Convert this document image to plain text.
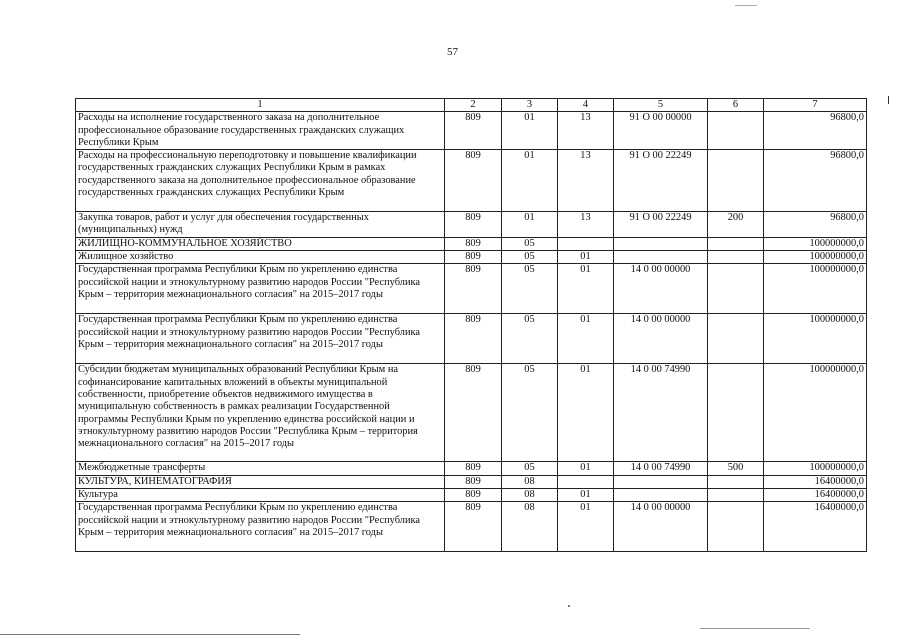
57
1	2	3	4	5	6	7
Расходы на исполнение государственного заказа на дополнительное профессиональное образование государственных гражданских служащих Республики Крым	809	01	13	91 О 00 00000		96800,0
Расходы на профессиональную переподготовку и повышение квалификации государственных гражданских служащих Республики Крым в рамках государственного заказа на дополнительное профессиональное образование государственных гражданских служащих Республики Крым	809	01	13	91 О 00 22249		96800,0
Закупка товаров, работ и услуг для обеспечения государственных (муниципальных) нужд	809	01	13	91 О 00 22249	200	96800,0
ЖИЛИЩНО-КОММУНАЛЬНОЕ ХОЗЯЙСТВО	809	05				100000000,0
Жилищное хозяйство	809	05	01			100000000,0
Государственная программа Республики Крым по укреплению единства российской нации и этнокультурному развитию народов России "Республика Крым – территория межнационального согласия" на 2015–2017 годы	809	05	01	14 0 00 00000		100000000,0
Государственная программа Республики Крым по укреплению единства российской нации и этнокультурному развитию народов России "Республика Крым – территория межнационального согласия" на 2015–2017 годы	809	05	01	14 0 00 00000		100000000,0
Субсидии бюджетам муниципальных образований Республики Крым на софинансирование капитальных вложений в объекты муниципальной собственности, приобретение объектов недвижимого имущества в муниципальную собственность в рамках реализации Государственной программы Республики Крым по укреплению единства российской нации и этнокультурному развитию народов России "Республика Крым – территория межнационального согласия" на 2015–2017 годы	809	05	01	14 0 00 74990		100000000,0
Межбюджетные трансферты	809	05	01	14 0 00 74990	500	100000000,0
КУЛЬТУРА, КИНЕМАТОГРАФИЯ	809	08				16400000,0
Культура	809	08	01			16400000,0
Государственная программа Республики Крым по укреплению единства российской нации и этнокультурному развитию народов России "Республика Крым – территория межнационального согласия" на 2015–2017 годы	809	08	01	14 0 00 00000		16400000,0
